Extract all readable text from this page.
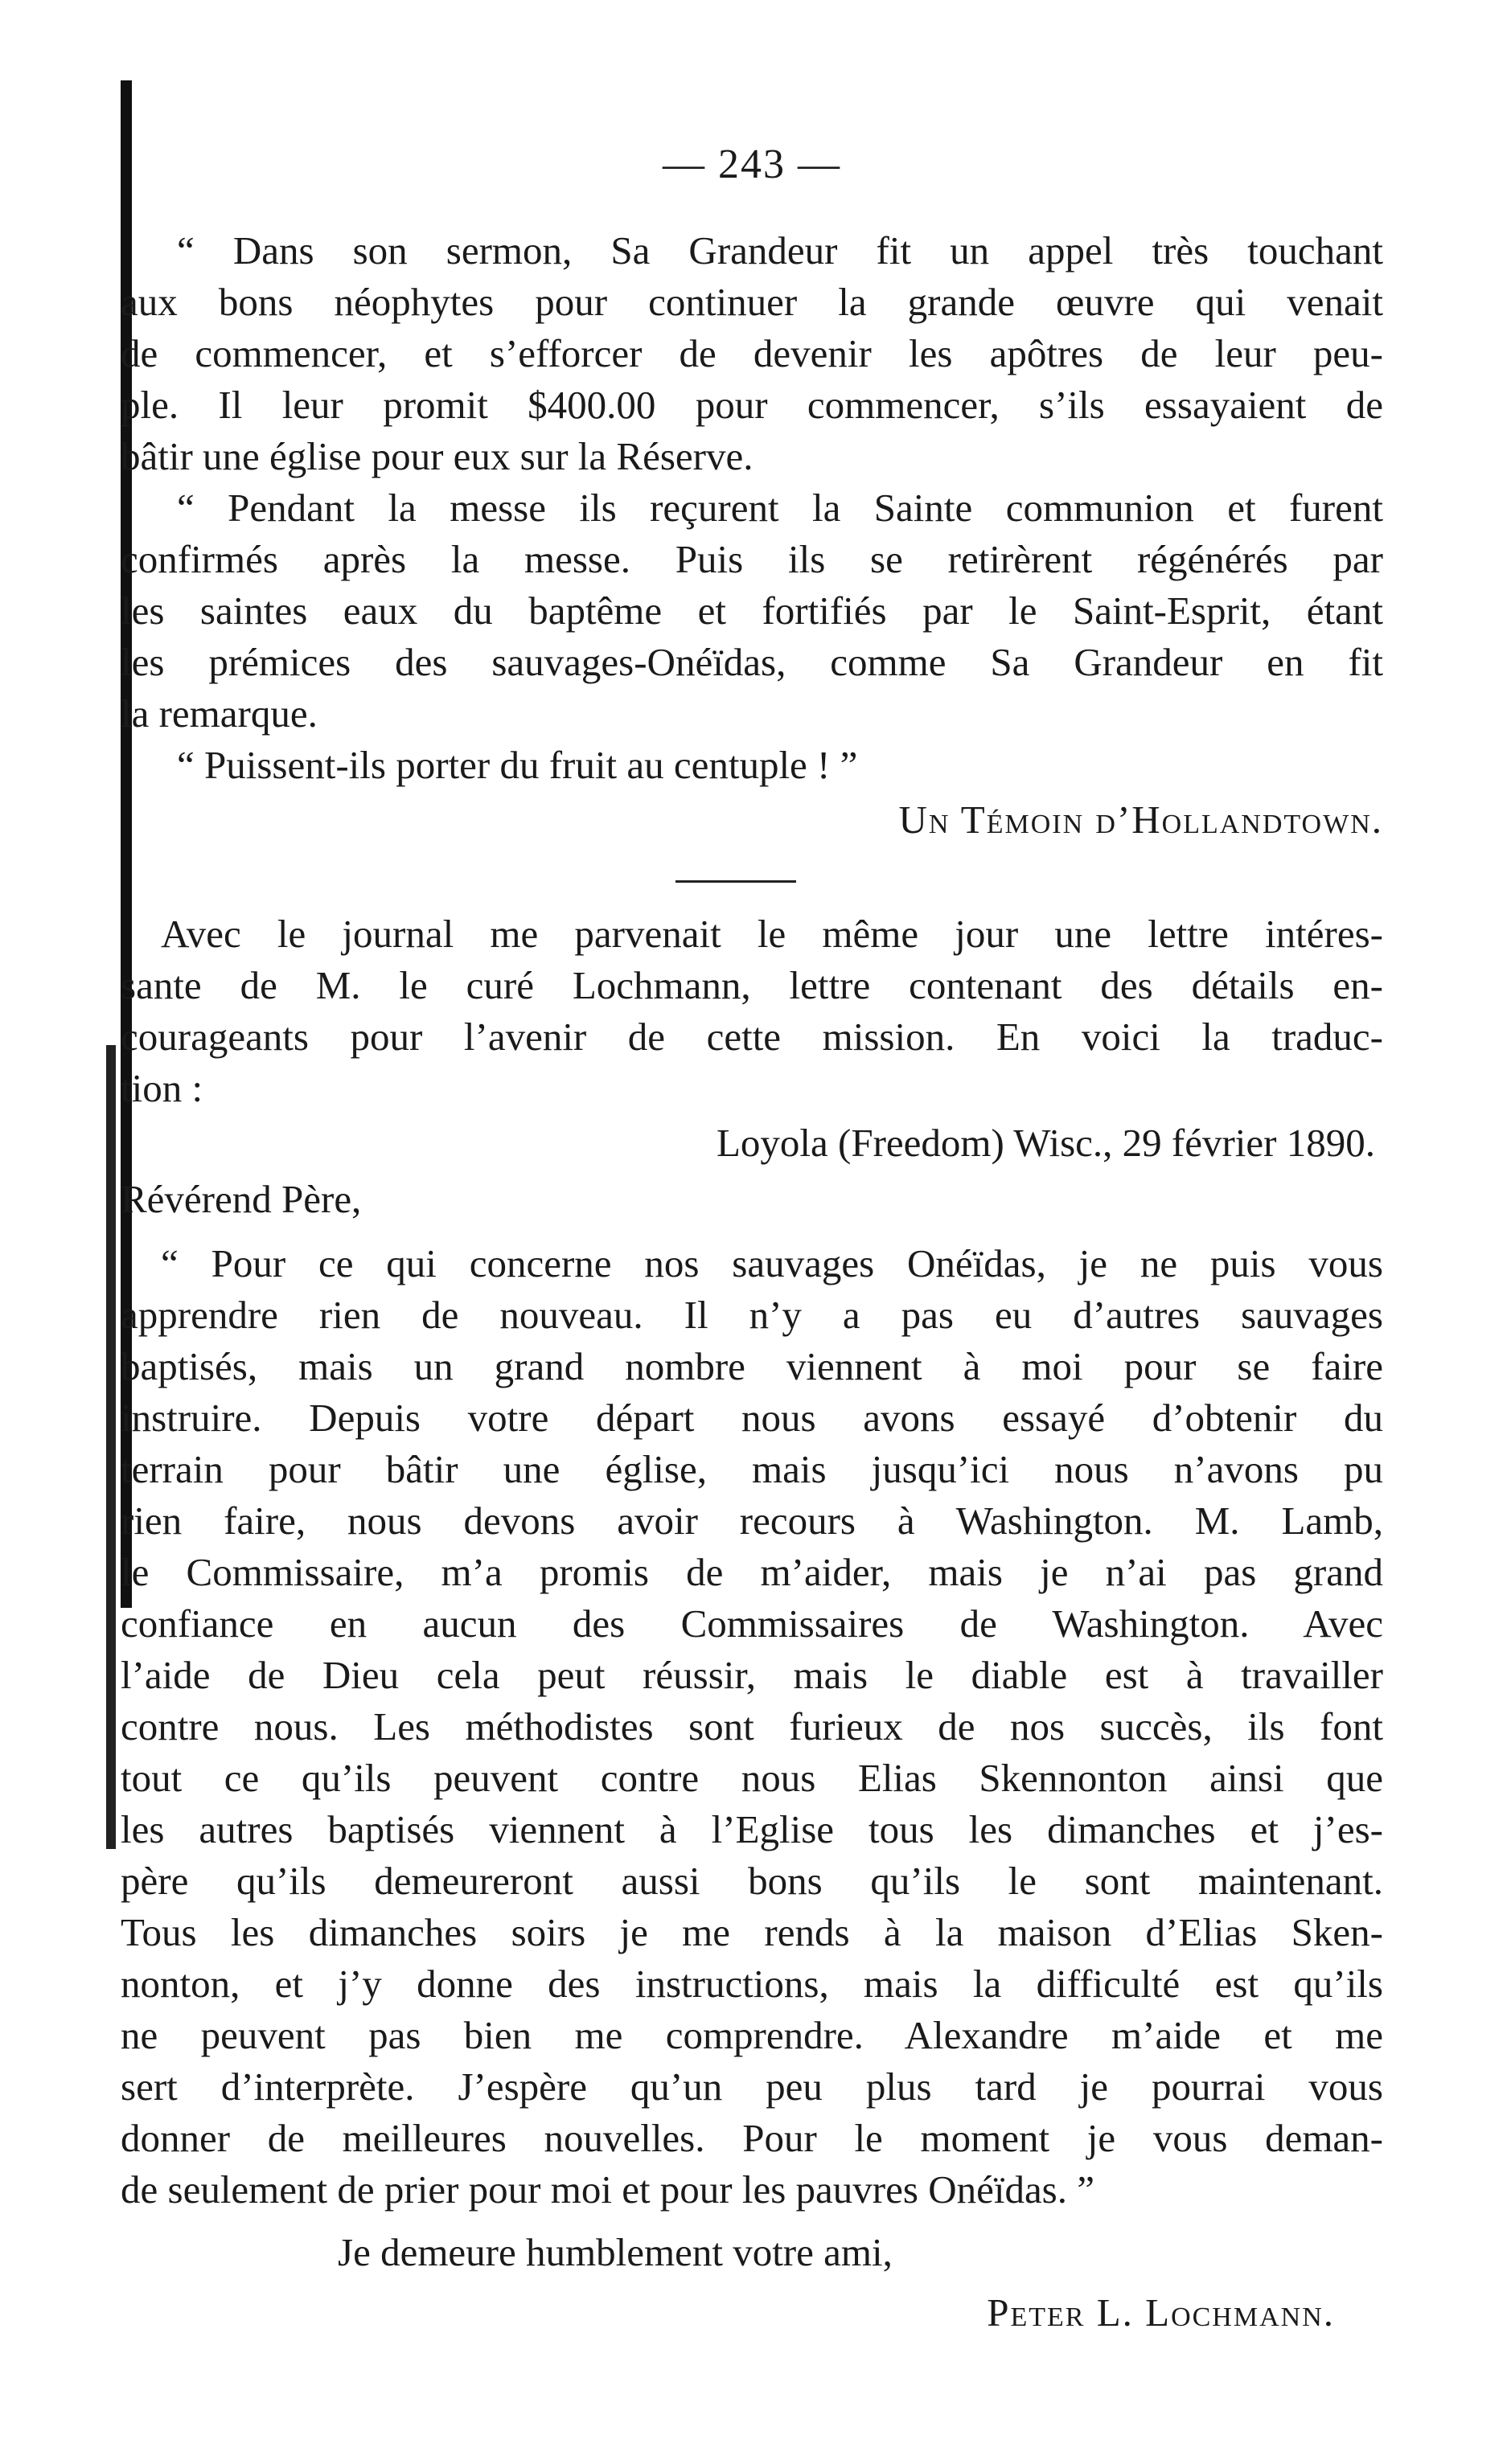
— 243 —
“ Dans son sermon, Sa Grandeur fit un appel très touchant
aux bons néophytes pour continuer la grande œuvre qui venait
de commencer, et s’efforcer de devenir les apôtres de leur peu-
ple. Il leur promit $400.00 pour commencer, s’ils essayaient de
bâtir une église pour eux sur la Réserve.
“ Pendant la messe ils reçurent la Sainte communion et furent
confirmés après la messe. Puis ils se retirèrent régénérés par
les saintes eaux du baptême et fortifiés par le Saint-Esprit, étant
les prémices des sauvages-Onéïdas, comme Sa Grandeur en fit
la remarque.
“ Puissent-ils porter du fruit au centuple ! ”
Un Témoin d’Hollandtown.
Avec le journal me parvenait le même jour une lettre intéres-
sante de M. le curé Lochmann, lettre contenant des détails en-
courageants pour l’avenir de cette mission. En voici la traduc-
tion :
Loyola (Freedom) Wisc., 29 février 1890.
Révérend Père,
“ Pour ce qui concerne nos sauvages Onéïdas, je ne puis vous
apprendre rien de nouveau. Il n’y a pas eu d’autres sauvages
baptisés, mais un grand nombre viennent à moi pour se faire
instruire. Depuis votre départ nous avons essayé d’obtenir du
terrain pour bâtir une église, mais jusqu’ici nous n’avons pu
rien faire, nous devons avoir recours à Washington. M. Lamb,
le Commissaire, m’a promis de m’aider, mais je n’ai pas grand
confiance en aucun des Commissaires de Washington. Avec
l’aide de Dieu cela peut réussir, mais le diable est à travailler
contre nous. Les méthodistes sont furieux de nos succès, ils font
tout ce qu’ils peuvent contre nous Elias Skennonton ainsi que
les autres baptisés viennent à l’Eglise tous les dimanches et j’es-
père qu’ils demeureront aussi bons qu’ils le sont maintenant.
Tous les dimanches soirs je me rends à la maison d’Elias Sken-
nonton, et j’y donne des instructions, mais la difficulté est qu’ils
ne peuvent pas bien me comprendre. Alexandre m’aide et me
sert d’interprète. J’espère qu’un peu plus tard je pourrai vous
donner de meilleures nouvelles. Pour le moment je vous deman-
de seulement de prier pour moi et pour les pauvres Onéïdas. ”
Je demeure humblement votre ami,
Peter L. Lochmann.
